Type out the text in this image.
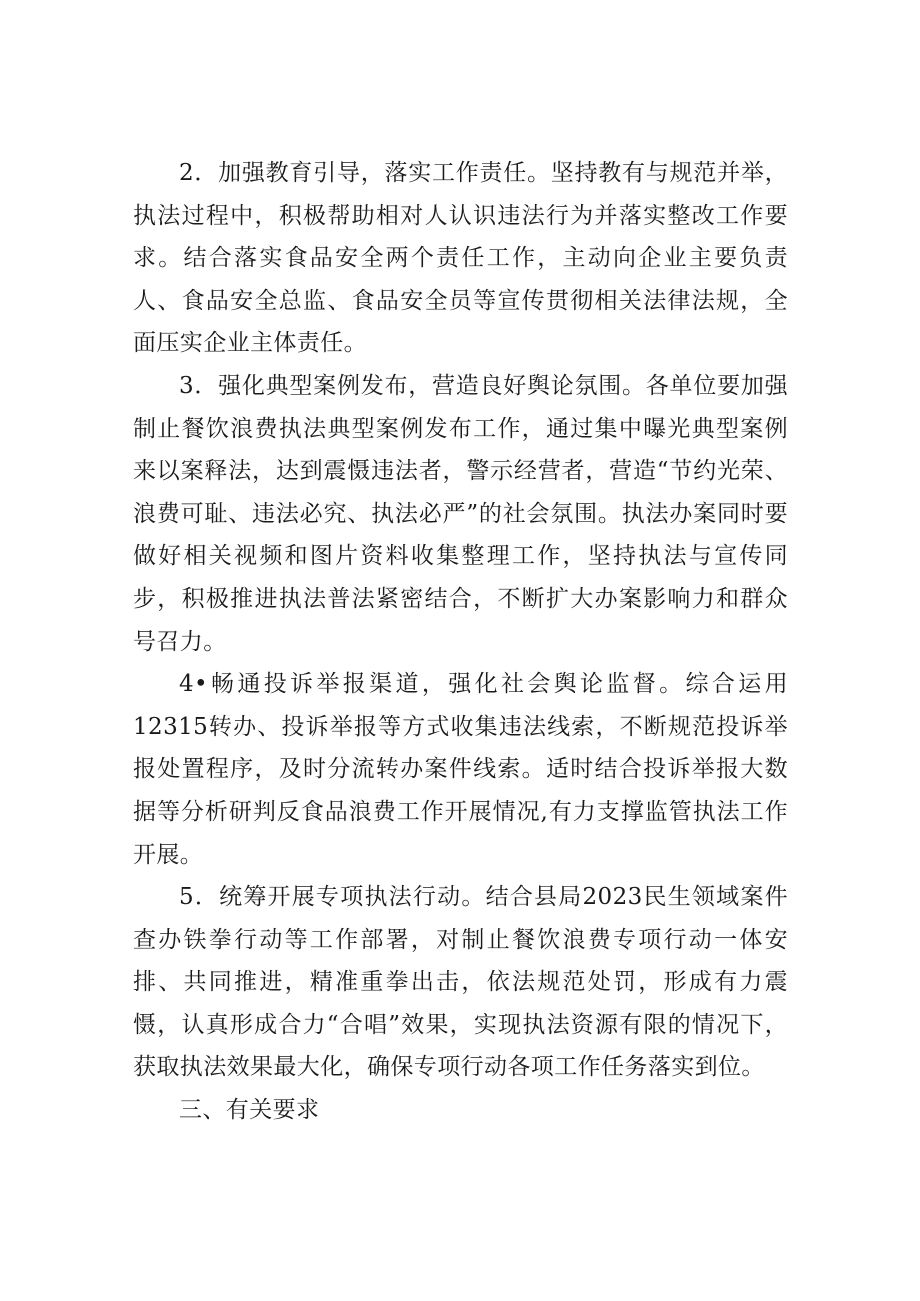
2．加强教育引导，落实工作责任。坚持教有与规范并举，执法过程中，积极帮助相对人认识违法行为并落实整改工作要求。结合落实食品安全两个责任工作，主动向企业主要负责人、食品安全总监、食品安全员等宣传贯彻相关法律法规，全面压实企业主体责任。

3．强化典型案例发布，营造良好舆论氛围。各单位要加强制止餐饮浪费执法典型案例发布工作，通过集中曝光典型案例来以案释法，达到震慑违法者，警示经营者，营造“节约光荣、浪费可耻、违法必究、执法必严”的社会氛围。执法办案同时要做好相关视频和图片资料收集整理工作，坚持执法与宣传同步，积极推进执法普法紧密结合，不断扩大办案影响力和群众号召力。

4•畅通投诉举报渠道，强化社会舆论监督。综合运用12315转办、投诉举报等方式收集违法线索，不断规范投诉举报处置程序，及时分流转办案件线索。适时结合投诉举报大数据等分析研判反食品浪费工作开展情况,有力支撑监管执法工作开展。

5．统筹开展专项执法行动。结合县局2023民生领域案件查办铁拳行动等工作部署，对制止餐饮浪费专项行动一体安排、共同推进，精准重拳出击，依法规范处罚，形成有力震慑，认真形成合力“合唱”效果，实现执法资源有限的情况下，获取执法效果最大化，确保专项行动各项工作任务落实到位。

三、有关要求
